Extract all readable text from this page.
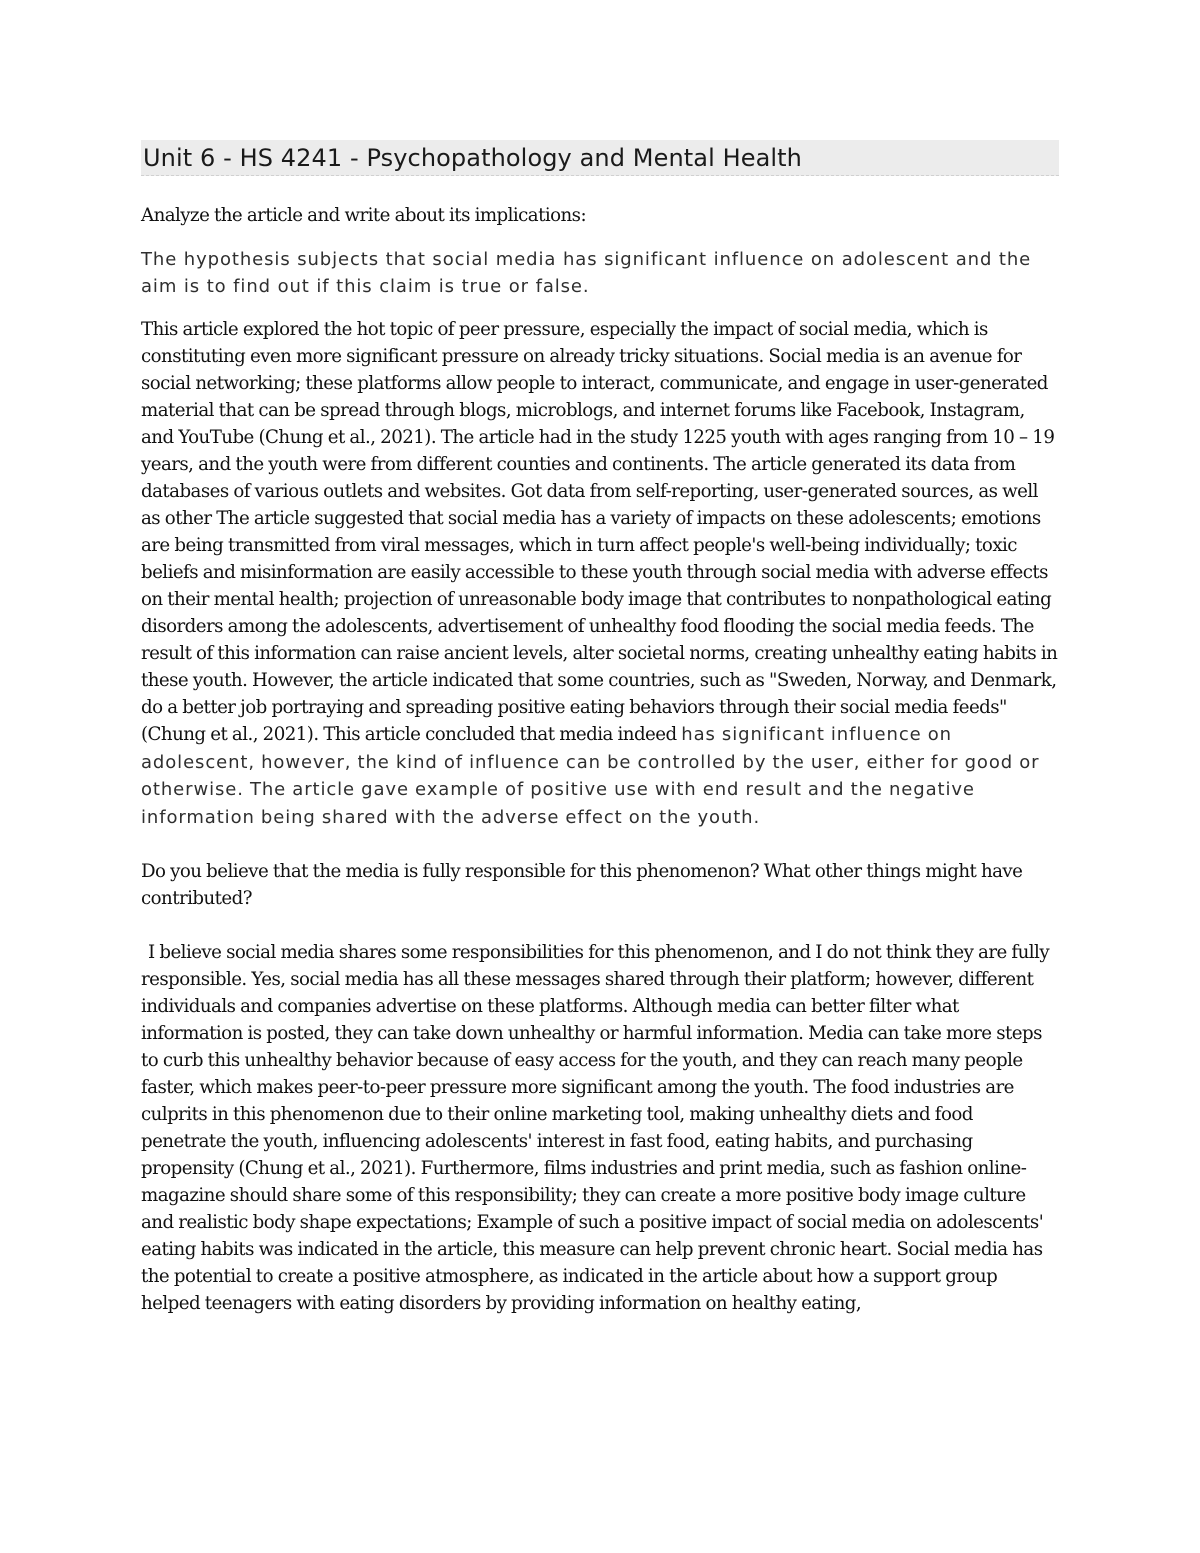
Unit 6 - HS 4241 - Psychopathology and Mental Health

Analyze the article and write about its implications:

The hypothesis subjects that social media has significant influence on adolescent and the aim is to find out if this claim is true or false.

This article explored the hot topic of peer pressure, especially the impact of social media, which is constituting even more significant pressure on already tricky situations. Social media is an avenue for social networking; these platforms allow people to interact, communicate, and engage in user-generated material that can be spread through blogs, microblogs, and internet forums like Facebook, Instagram, and YouTube (Chung et al., 2021). The article had in the study 1225 youth with ages ranging from 10 – 19 years, and the youth were from different counties and continents. The article generated its data from databases of various outlets and websites. Got data from self-reporting, user-generated sources, as well as other The article suggested that social media has a variety of impacts on these adolescents; emotions are being transmitted from viral messages, which in turn affect people's well-being individually; toxic beliefs and misinformation are easily accessible to these youth through social media with adverse effects on their mental health; projection of unreasonable body image that contributes to nonpathological eating disorders among the adolescents, advertisement of unhealthy food flooding the social media feeds. The result of this information can raise ancient levels, alter societal norms, creating unhealthy eating habits in these youth. However, the article indicated that some countries, such as "Sweden, Norway, and Denmark, do a better job portraying and spreading positive eating behaviors through their social media feeds" (Chung et al., 2021). This article concluded that media indeed has significant influence on adolescent, however, the kind of influence can be controlled by the user, either for good or otherwise. The article gave example of positive use with end result and the negative information being shared with the adverse effect on the youth.

Do you believe that the media is fully responsible for this phenomenon? What other things might have contributed?

I believe social media shares some responsibilities for this phenomenon, and I do not think they are fully responsible. Yes, social media has all these messages shared through their platform; however, different individuals and companies advertise on these platforms. Although media can better filter what information is posted, they can take down unhealthy or harmful information. Media can take more steps to curb this unhealthy behavior because of easy access for the youth, and they can reach many people faster, which makes peer-to-peer pressure more significant among the youth. The food industries are culprits in this phenomenon due to their online marketing tool, making unhealthy diets and food penetrate the youth, influencing adolescents' interest in fast food, eating habits, and purchasing propensity (Chung et al., 2021). Furthermore, films industries and print media, such as fashion online-magazine should share some of this responsibility; they can create a more positive body image culture and realistic body shape expectations; Example of such a positive impact of social media on adolescents' eating habits was indicated in the article, this measure can help prevent chronic heart. Social media has the potential to create a positive atmosphere, as indicated in the article about how a support group helped teenagers with eating disorders by providing information on healthy eating,
